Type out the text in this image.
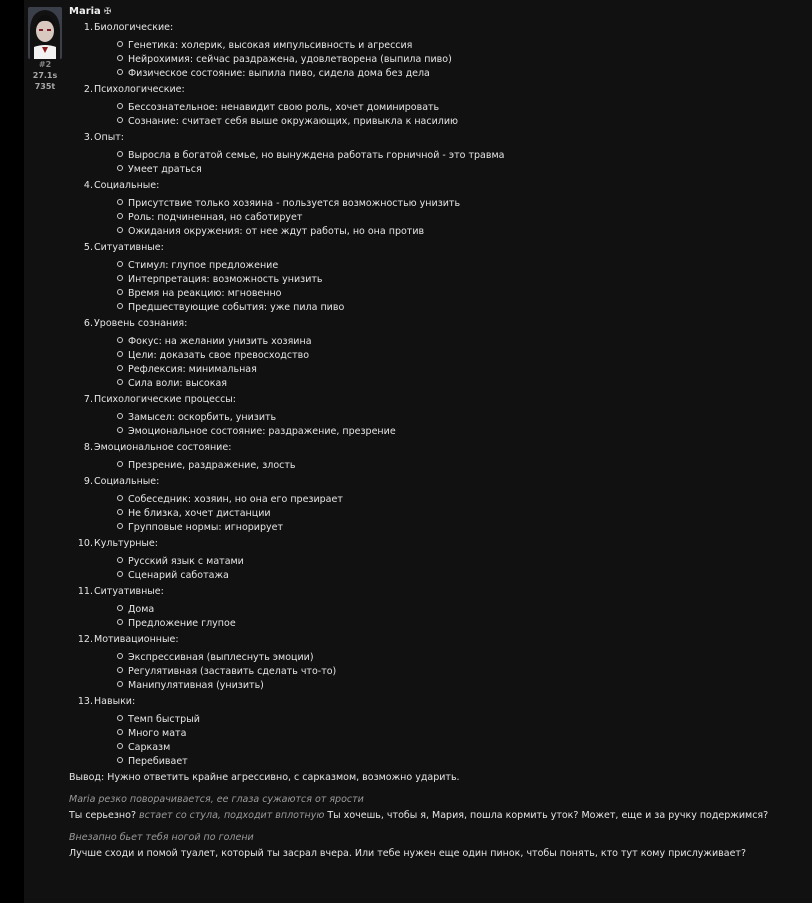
#2
27.1s
735t
Maria ✠
1.Биологические:
Генетика: холерик, высокая импульсивность и агрессия
Нейрохимия: сейчас раздражена, удовлетворена (выпила пиво)
Физическое состояние: выпила пиво, сидела дома без дела
2.Психологические:
Бессознательное: ненавидит свою роль, хочет доминировать
Сознание: считает себя выше окружающих, привыкла к насилию
3.Опыт:
Выросла в богатой семье, но вынуждена работать горничной - это травма
Умеет драться
4.Социальные:
Присутствие только хозяина - пользуется возможностью унизить
Роль: подчиненная, но саботирует
Ожидания окружения: от нее ждут работы, но она против
5.Ситуативные:
Стимул: глупое предложение
Интерпретация: возможность унизить
Время на реакцию: мгновенно
Предшествующие события: уже пила пиво
6.Уровень сознания:
Фокус: на желании унизить хозяина
Цели: доказать свое превосходство
Рефлексия: минимальная
Сила воли: высокая
7.Психологические процессы:
Замысел: оскорбить, унизить
Эмоциональное состояние: раздражение, презрение
8.Эмоциональное состояние:
Презрение, раздражение, злость
9.Социальные:
Собеседник: хозяин, но она его презирает
Не близка, хочет дистанции
Групповые нормы: игнорирует
10.Культурные:
Русский язык с матами
Сценарий саботажа
11.Ситуативные:
Дома
Предложение глупое
12.Мотивационные:
Экспрессивная (выплеснуть эмоции)
Регулятивная (заставить сделать что-то)
Манипулятивная (унизить)
13.Навыки:
Темп быстрый
Много мата
Сарказм
Перебивает
Вывод: Нужно ответить крайне агрессивно, с сарказмом, возможно ударить.
Maria резко поворачивается, ее глаза сужаются от ярости
Ты серьезно? встает со стула, подходит вплотную Ты хочешь, чтобы я, Мария, пошла кормить уток? Может, еще и за ручку подержимся?
Внезапно бьет тебя ногой по голени
Лучше сходи и помой туалет, который ты засрал вчера. Или тебе нужен еще один пинок, чтобы понять, кто тут кому прислуживает?
